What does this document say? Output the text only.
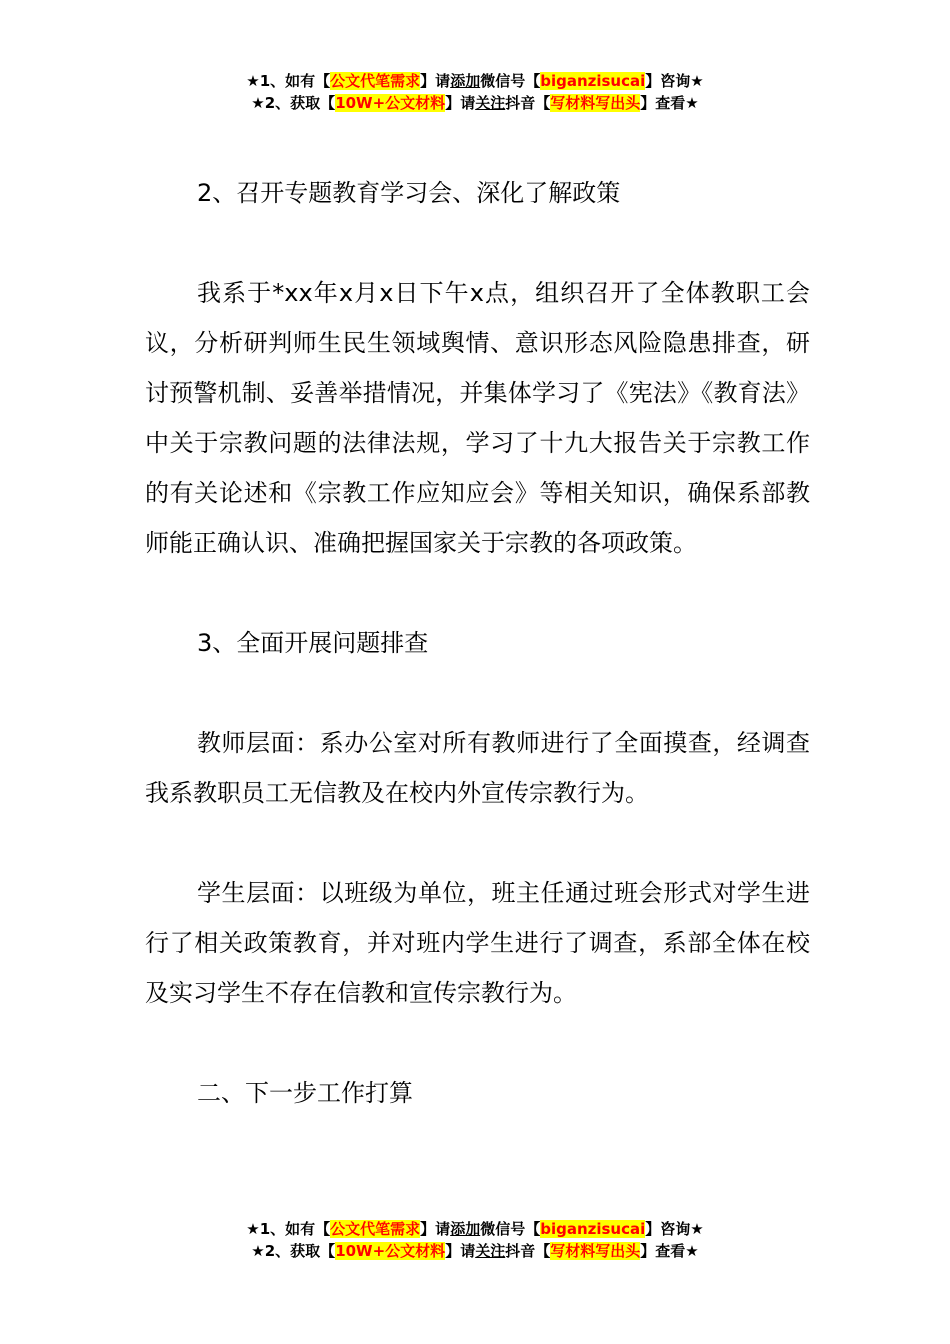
★1、如有【公文代笔需求】请添加微信号【biganzisucai】咨询★
★2、获取【10W+公文材料】请关注抖音【写材料写出头】查看★

2、召开专题教育学习会、深化了解政策

我系于*xx年x月x日下午x点，组织召开了全体教职工会议，分析研判师生民生领域舆情、意识形态风险隐患排查，研讨预警机制、妥善举措情况，并集体学习了《宪法》《教育法》中关于宗教问题的法律法规，学习了十九大报告关于宗教工作的有关论述和《宗教工作应知应会》等相关知识，确保系部教师能正确认识、准确把握国家关于宗教的各项政策。

3、全面开展问题排查

教师层面：系办公室对所有教师进行了全面摸查，经调查我系教职员工无信教及在校内外宣传宗教行为。

学生层面：以班级为单位，班主任通过班会形式对学生进行了相关政策教育，并对班内学生进行了调查，系部全体在校及实习学生不存在信教和宣传宗教行为。

二、下一步工作打算

★1、如有【公文代笔需求】请添加微信号【biganzisucai】咨询★
★2、获取【10W+公文材料】请关注抖音【写材料写出头】查看★
